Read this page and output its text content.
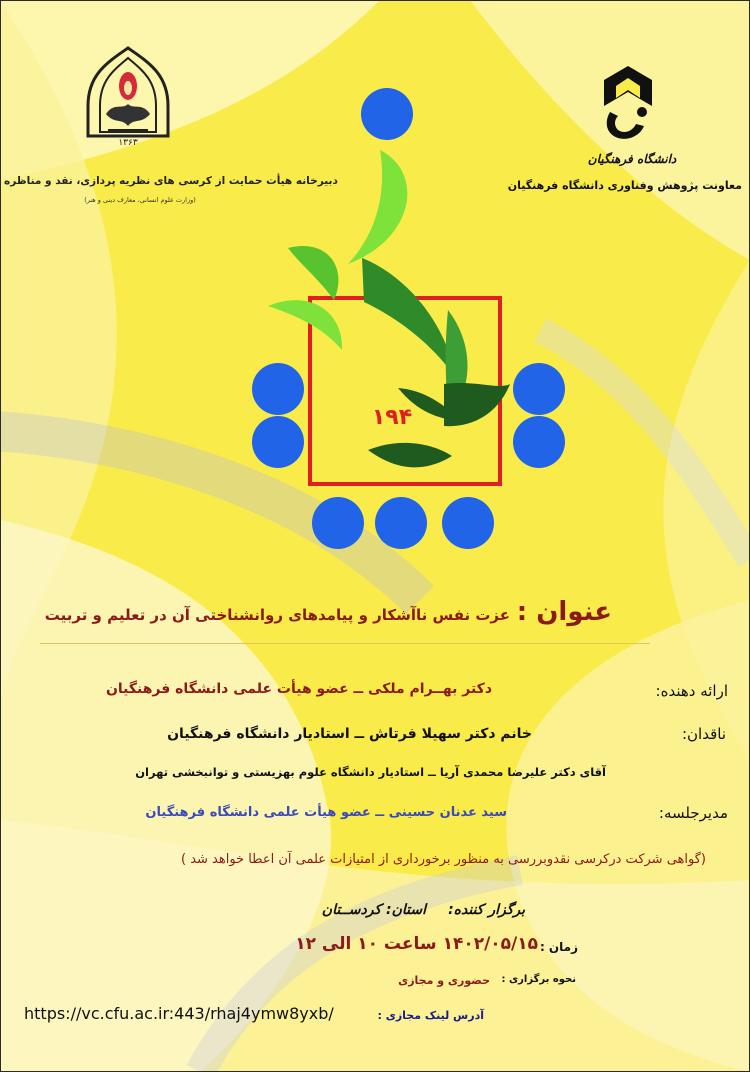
۱۳۶۳
دبیرخانه هیأت حمایت از کرسی های نظریه پردازی، نقد و مناظره
(وزارت علوم انسانی، معارف دینی و هنر)
دانشگاه فرهنگیان
معاونت پژوهش وفناوری دانشگاه فرهنگیان
۱۹۴
عنوان :
عزت نفس ناآشکار و پیامدهای روانشناختی آن در تعلیم و تربیت
ارائه دهنده:
دکتر بهــرام ملکی ــ عضو هیأت علمی دانشگاه فرهنگیان
ناقدان:
خانم دکتر سهیلا فرتاش ــ استادیار دانشگاه فرهنگیان
آقای دکتر علیرضا محمدی آریا ــ استادیار دانشگاه علوم بهزیستی و توانبخشی تهران
مدیرجلسه:
سید عدنان حسینی ــ عضو هیأت علمی دانشگاه فرهنگیان
(گواهی شرکت درکرسی نقدوبررسی به منظور برخورداری از امتیازات علمی آن اعطا خواهد شد )
برگزار کننده:
استان: کردســتان
زمان :
۱۴۰۲/۰۵/۱۵ ساعت ۱۰ الی ۱۲
نحوه برگزاری :
حضوری و مجازی
آدرس لینک مجازی :
https://vc.cfu.ac.ir:443/rhaj4ymw8yxb/
